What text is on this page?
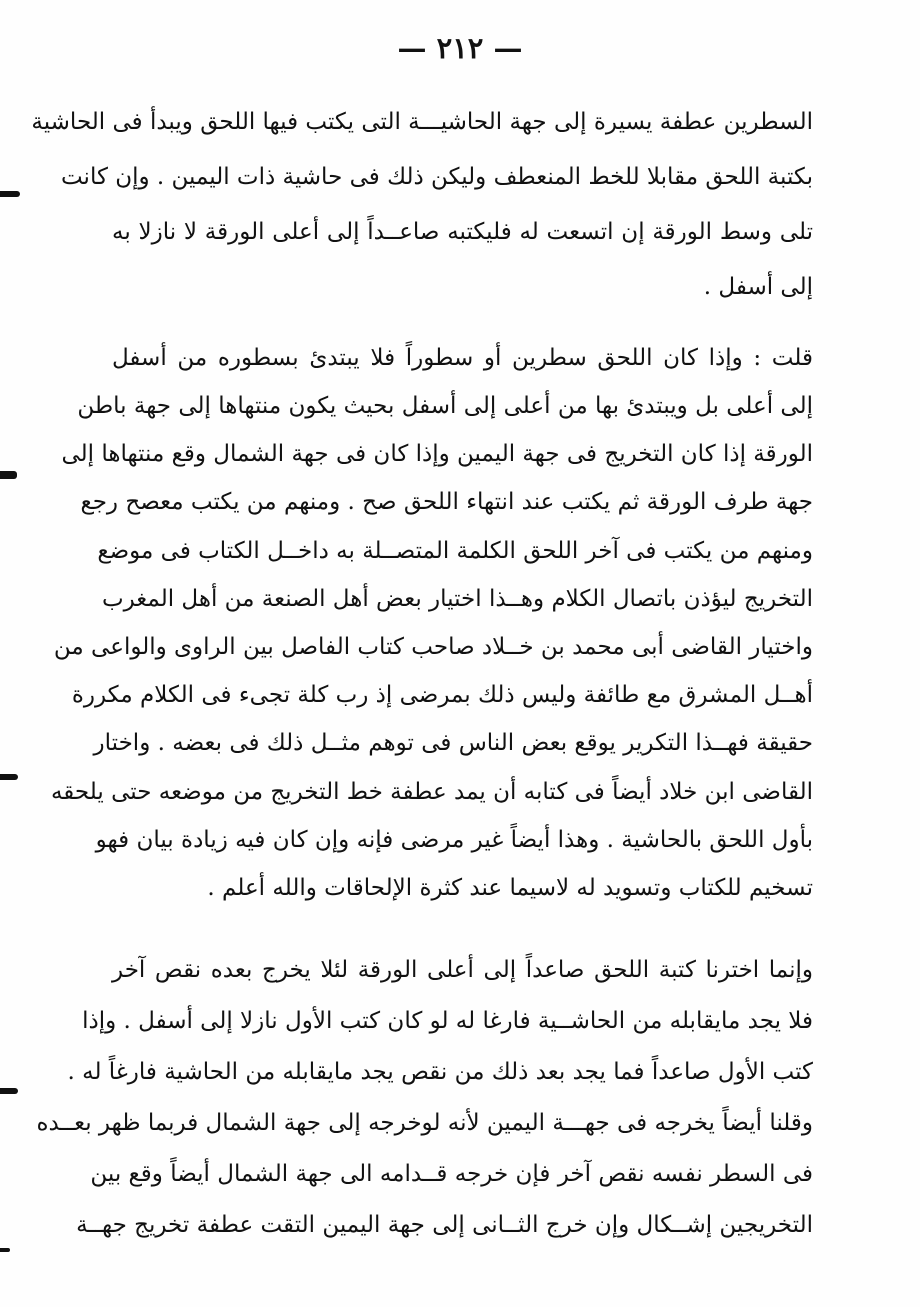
— ٢١٢ —
السطرين عطفة يسيرة إلى جهة الحاشيـــة التى يكتب فيها اللحق ويبدأ فى الحاشية
بكتبة اللحق مقابلا للخط المنعطف وليكن ذلك فى حاشية ذات اليمين . وإن كانت
تلى وسط الورقة إن اتسعت له فليكتبه صاعــداً إلى أعلى الورقة لا نازلا به
إلى أسفل .
قلت : وإذا كان اللحق سطرين أو سطوراً فلا يبتدئ بسطوره من أسفل
إلى أعلى بل ويبتدئ بها من أعلى إلى أسفل بحيث يكون منتهاها إلى جهة باطن
الورقة إذا كان التخريج فى جهة اليمين وإذا كان فى جهة الشمال وقع منتهاها إلى
جهة طرف الورقة ثم يكتب عند انتهاء اللحق صح . ومنهم من يكتب معصح رجع
ومنهم من يكتب فى آخر اللحق الكلمة المتصــلة به داخــل الكتاب فى موضع
التخريج ليؤذن باتصال الكلام وهــذا اختيار بعض أهل الصنعة من أهل المغرب
واختيار القاضى أبى محمد بن خــلاد صاحب كتاب الفاصل بين الراوى والواعى من
أهــل المشرق مع طائفة وليس ذلك بمرضى إذ رب كلة تجىء فى الكلام مكررة
حقيقة فهــذا التكرير يوقع بعض الناس فى توهم مثــل ذلك فى بعضه . واختار
القاضى ابن خلاد أيضاً فى كتابه أن يمد عطفة خط التخريج من موضعه حتى يلحقه
بأول اللحق بالحاشية . وهذا أيضاً غير مرضى فإنه وإن كان فيه زيادة بيان فهو
تسخيم للكتاب وتسويد له لاسيما عند كثرة الإلحاقات والله أعلم .
وإنما اخترنا كتبة اللحق صاعداً إلى أعلى الورقة لئلا يخرج بعده نقص آخر
فلا يجد مايقابله من الحاشــية فارغا له لو كان كتب الأول نازلا إلى أسفل . وإذا
كتب الأول صاعداً فما يجد بعد ذلك من نقص يجد مايقابله من الحاشية فارغاً له .
وقلنا أيضاً يخرجه فى جهـــة اليمين لأنه لوخرجه إلى جهة الشمال فربما ظهر بعــده
فى السطر نفسه نقص آخر فإن خرجه قــدامه الى جهة الشمال أيضاً وقع بين
التخريجين إشــكال وإن خرج الثــانى إلى جهة اليمين التقت عطفة تخريج جهــة
